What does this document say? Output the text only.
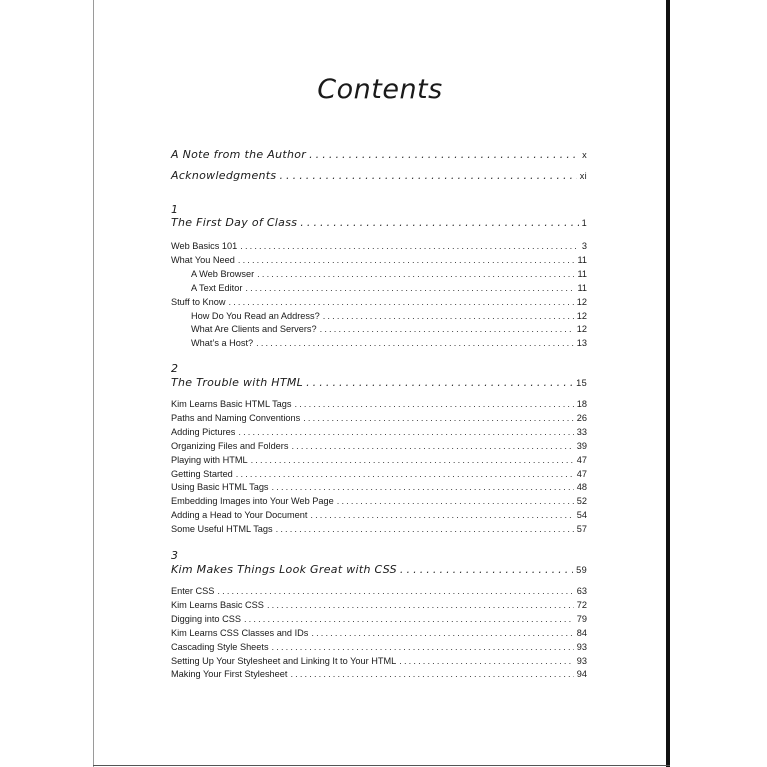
Contents
A Note from the Author . . .	x
Acknowledgments . . .	xi
1
The First Day of Class . . .	1
Web Basics 101 . . .	3
What You Need . . .	11
A Web Browser . . .	11
A Text Editor . . .	11
Stuff to Know . . .	12
How Do You Read an Address? . . .	12
What Are Clients and Servers? . . .	12
What’s a Host? . . .	13
2
The Trouble with HTML . . .	15
Kim Learns Basic HTML Tags . . .	18
Paths and Naming Conventions . . .	26
Adding Pictures . . .	33
Organizing Files and Folders . . .	39
Playing with HTML . . .	47
Getting Started . . .	47
Using Basic HTML Tags . . .	48
Embedding Images into Your Web Page . . .	52
Adding a Head to Your Document . . .	54
Some Useful HTML Tags . . .	57
3
Kim Makes Things Look Great with CSS . . .	59
Enter CSS . . .	63
Kim Learns Basic CSS . . .	72
Digging into CSS . . .	79
Kim Learns CSS Classes and IDs . . .	84
Cascading Style Sheets . . .	93
Setting Up Your Stylesheet and Linking It to Your HTML . . .	93
Making Your First Stylesheet . . .	94
